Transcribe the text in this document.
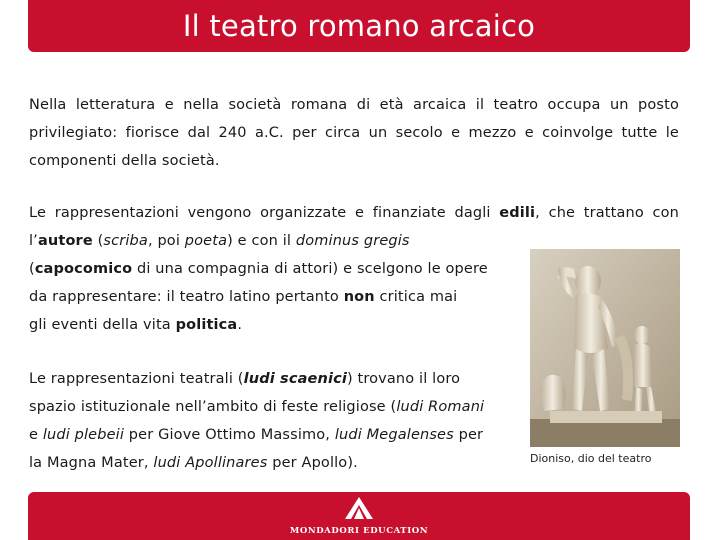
Il teatro romano arcaico

Nella letteratura e nella società romana di età arcaica il teatro occupa un posto privilegiato: fiorisce dal 240 a.C. per circa un secolo e mezzo e coinvolge tutte le componenti della società.

Le rappresentazioni vengono organizzate e finanziate dagli edili, che trattano con l’autore (scriba, poi poeta) e con il dominus gregis

(capocomico di una compagnia di attori) e scelgono le opere
da rappresentare: il teatro latino pertanto non critica mai
gli eventi della vita politica.

Le rappresentazioni teatrali (ludi scaenici) trovano il loro
spazio istituzionale nell’ambito di feste religiose (ludi Romani
e ludi plebeii per Giove Ottimo Massimo, ludi Megalenses per
la Magna Mater, ludi Apollinares per Apollo).	Dioniso, dio del teatro
MONDADORI EDUCATION
